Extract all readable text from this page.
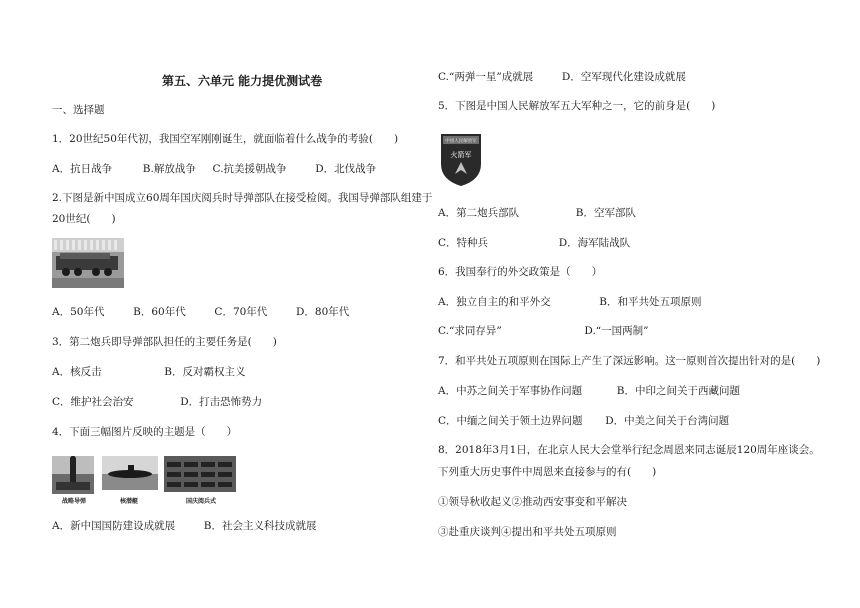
第五、六单元 能力提优测试卷
一、选择题
1．20世纪50年代初，我国空军刚刚诞生，就面临着什么战争的考验(　　)
A．抗日战争	B.解放战争 C.抗美援朝战争	D．北伐战争
2.下图是新中国成立60周年国庆阅兵时导弹部队在接受检阅。我国导弹部队组建于
20世纪(　　)
A．50年代	B．60年代	C．70年代	D．80年代
3．第二炮兵即导弹部队担任的主要任务是(　　)
A．核反击	B．反对霸权主义
C．维护社会治安	D．打击恐怖势力
4．下面三幅图片反映的主题是（　　）
战略导弹	核潜艇	国庆阅兵式
A．新中国国防建设成就展	B．社会主义科技成就展
C.“两弹一星”成就展	D．空军现代化建设成就展
5．下图是中国人民解放军五大军种之一，它的前身是(　　)
中国人民解放军
火箭军
A．第二炮兵部队	B．空军部队
C．特种兵	D．海军陆战队
6．我国奉行的外交政策是（　　）
A．独立自主的和平外交	B．和平共处五项原则
C.“求同存异”	D.“一国两制”
7．和平共处五项原则在国际上产生了深远影响。这一原则首次提出针对的是(　　)
A．中苏之间关于军事协作问题	B．中印之间关于西藏问题
C．中缅之间关于领土边界问题 D．中美之间关于台湾问题
8．2018年3月1日，在北京人民大会堂举行纪念周恩来同志诞辰120周年座谈会。
下列重大历史事件中周恩来直接参与的有(　　)
①领导秋收起义②推动西安事变和平解决
③赴重庆谈判④提出和平共处五项原则
